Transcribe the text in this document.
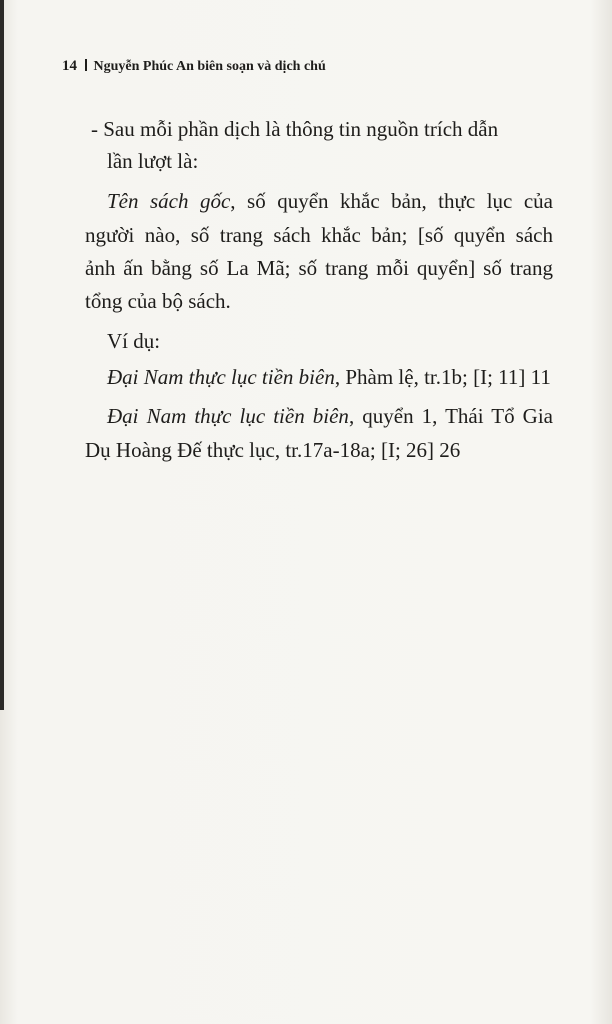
14 Nguyễn Phúc An biên soạn và dịch chú
- Sau mỗi phần dịch là thông tin nguồn trích dẫn
lần lượt là:
Tên sách gốc, số quyển khắc bản, thực lục của
người nào, số trang sách khắc bản; [số quyển sách
ảnh ấn bằng số La Mã; số trang mỗi quyển] số trang
tổng của bộ sách.
Ví dụ:
Đại Nam thực lục tiền biên, Phàm lệ, tr.1b; [I; 11] 11
Đại Nam thực lục tiền biên, quyển 1, Thái Tổ Gia
Dụ Hoàng Đế thực lục, tr.17a-18a; [I; 26] 26
